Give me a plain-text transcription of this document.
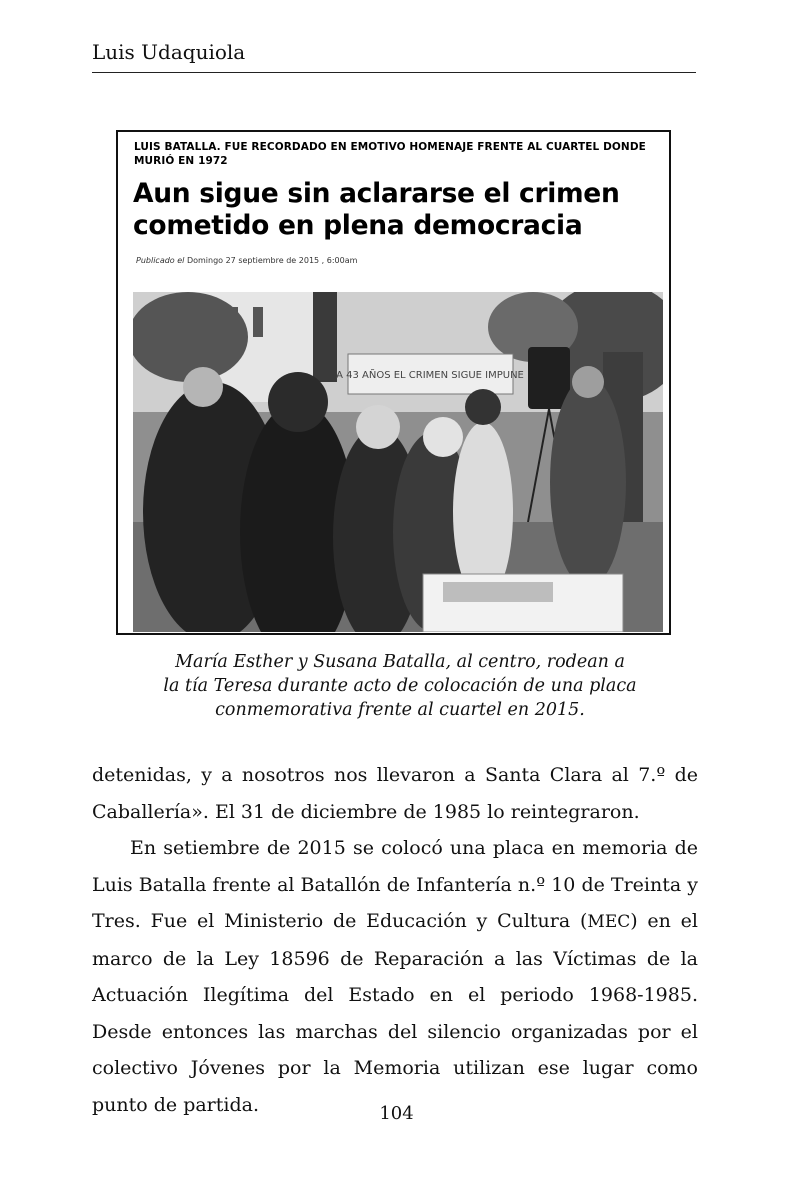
Luis Udaquiola
LUIS BATALLA. FUE RECORDADO EN EMOTIVO HOMENAJE FRENTE AL CUARTEL DONDE MURIÓ EN 1972
Aun sigue sin aclararse el crimen cometido en plena democracia
Publicado el Domingo 27 septiembre de 2015 , 6:00am
A 43 AÑOS EL CRIMEN SIGUE IMPUNE
María Esther y Susana Batalla, al centro, rodean a
la tía Teresa durante acto de colocación de una placa
conmemorativa frente al cuartel en 2015.

detenidas, y a nosotros nos llevaron a Santa Clara al 7.º de Caballería». El 31 de diciembre de 1985 lo reintegraron.

En setiembre de 2015 se colocó una placa en memoria de Luis Batalla frente al Batallón de Infantería n.º 10 de Treinta y Tres. Fue el Ministerio de Educación y Cultura (MEC) en el marco de la Ley 18596 de Reparación a las Víctimas de la Actuación Ilegítima del Estado en el periodo 1968-1985. Desde entonces las marchas del silencio organizadas por el colectivo Jóvenes por la Memoria utilizan ese lugar como punto de partida.	104
